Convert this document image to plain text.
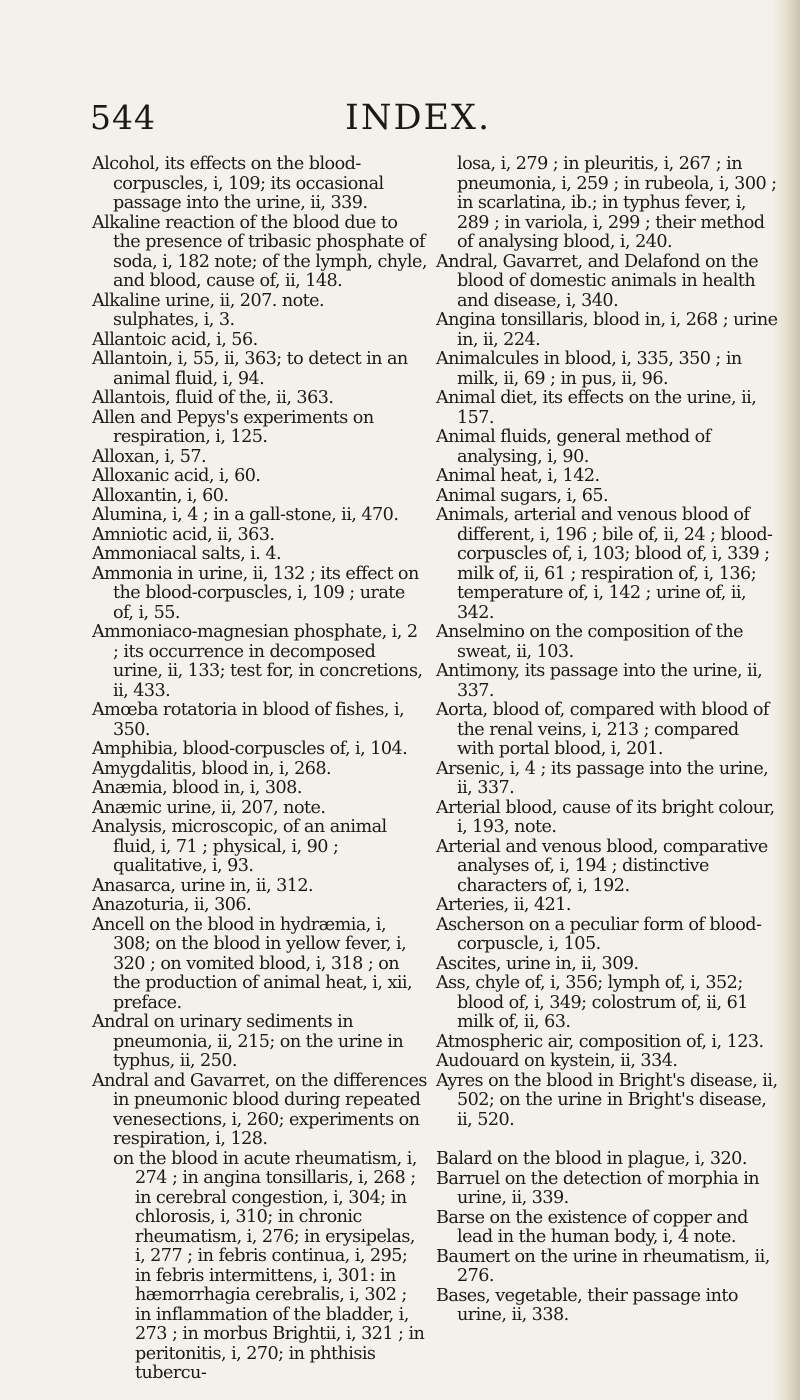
544	INDEX.

Alcohol, its effects on the blood-corpuscles, i, 109; its occasional passage into the urine, ii, 339.

Alkaline reaction of the blood due to the presence of tribasic phosphate of soda, i, 182 note; of the lymph, chyle, and blood, cause of, ii, 148.

Alkaline urine, ii, 207. note.

sulphates, i, 3.

Allantoic acid, i, 56.

Allantoin, i, 55, ii, 363; to detect in an animal fluid, i, 94.

Allantois, fluid of the, ii, 363.

Allen and Pepys's experiments on respiration, i, 125.

Alloxan, i, 57.

Alloxanic acid, i, 60.

Alloxantin, i, 60.

Alumina, i, 4 ; in a gall-stone, ii, 470.

Amniotic acid, ii, 363.

Ammoniacal salts, i. 4.

Ammonia in urine, ii, 132 ; its effect on the blood-corpuscles, i, 109 ; urate of, i, 55.

Ammoniaco-magnesian phosphate, i, 2 ; its occurrence in decomposed urine, ii, 133; test for, in concretions, ii, 433.

Amœba rotatoria in blood of fishes, i, 350.

Amphibia, blood-corpuscles of, i, 104.

Amygdalitis, blood in, i, 268.

Anæmia, blood in, i, 308.

Anæmic urine, ii, 207, note.

Analysis, microscopic, of an animal fluid, i, 71 ; physical, i, 90 ; qualitative, i, 93.

Anasarca, urine in, ii, 312.

Anazoturia, ii, 306.

Ancell on the blood in hydræmia, i, 308; on the blood in yellow fever, i, 320 ; on vomited blood, i, 318 ; on the production of animal heat, i, xii, preface.

Andral on urinary sediments in pneumonia, ii, 215; on the urine in typhus, ii, 250.

Andral and Gavarret, on the differences in pneumonic blood during repeated venesections, i, 260; experiments on respiration, i, 128.

on the blood in acute rheumatism, i, 274 ; in angina tonsillaris, i, 268 ; in cerebral congestion, i, 304; in chlorosis, i, 310; in chronic rheumatism, i, 276; in erysipelas, i, 277 ; in febris continua, i, 295; in febris intermittens, i, 301: in hæmorrhagia cerebralis, i, 302 ; in inflammation of the bladder, i, 273 ; in morbus Brightii, i, 321 ; in peritonitis, i, 270; in phthisis tubercu-

losa, i, 279 ; in pleuritis, i, 267 ; in pneumonia, i, 259 ; in rubeola, i, 300 ; in scarlatina, ib.; in typhus fever, i, 289 ; in variola, i, 299 ; their method of analysing blood, i, 240.

Andral, Gavarret, and Delafond on the blood of domestic animals in health and disease, i, 340.

Angina tonsillaris, blood in, i, 268 ; urine in, ii, 224.

Animalcules in blood, i, 335, 350 ; in milk, ii, 69 ; in pus, ii, 96.

Animal diet, its effects on the urine, ii, 157.

Animal fluids, general method of analysing, i, 90.

Animal heat, i, 142.

Animal sugars, i, 65.

Animals, arterial and venous blood of different, i, 196 ; bile of, ii, 24 ; blood-corpuscles of, i, 103; blood of, i, 339 ; milk of, ii, 61 ; respiration of, i, 136; temperature of, i, 142 ; urine of, ii, 342.

Anselmino on the composition of the sweat, ii, 103.

Antimony, its passage into the urine, ii, 337.

Aorta, blood of, compared with blood of the renal veins, i, 213 ; compared with portal blood, i, 201.

Arsenic, i, 4 ; its passage into the urine, ii, 337.

Arterial blood, cause of its bright colour, i, 193, note.

Arterial and venous blood, comparative analyses of, i, 194 ; distinctive characters of, i, 192.

Arteries, ii, 421.

Ascherson on a peculiar form of blood-corpuscle, i, 105.

Ascites, urine in, ii, 309.

Ass, chyle of, i, 356; lymph of, i, 352; blood of, i, 349; colostrum of, ii, 61 milk of, ii, 63.

Atmospheric air, composition of, i, 123.

Audouard on kystein, ii, 334.

Ayres on the blood in Bright's disease, ii, 502; on the urine in Bright's disease, ii, 520.

Balard on the blood in plague, i, 320.

Barruel on the detection of morphia in urine, ii, 339.

Barse on the existence of copper and lead in the human body, i, 4 note.

Baumert on the urine in rheumatism, ii, 276.

Bases, vegetable, their passage into urine, ii, 338.
